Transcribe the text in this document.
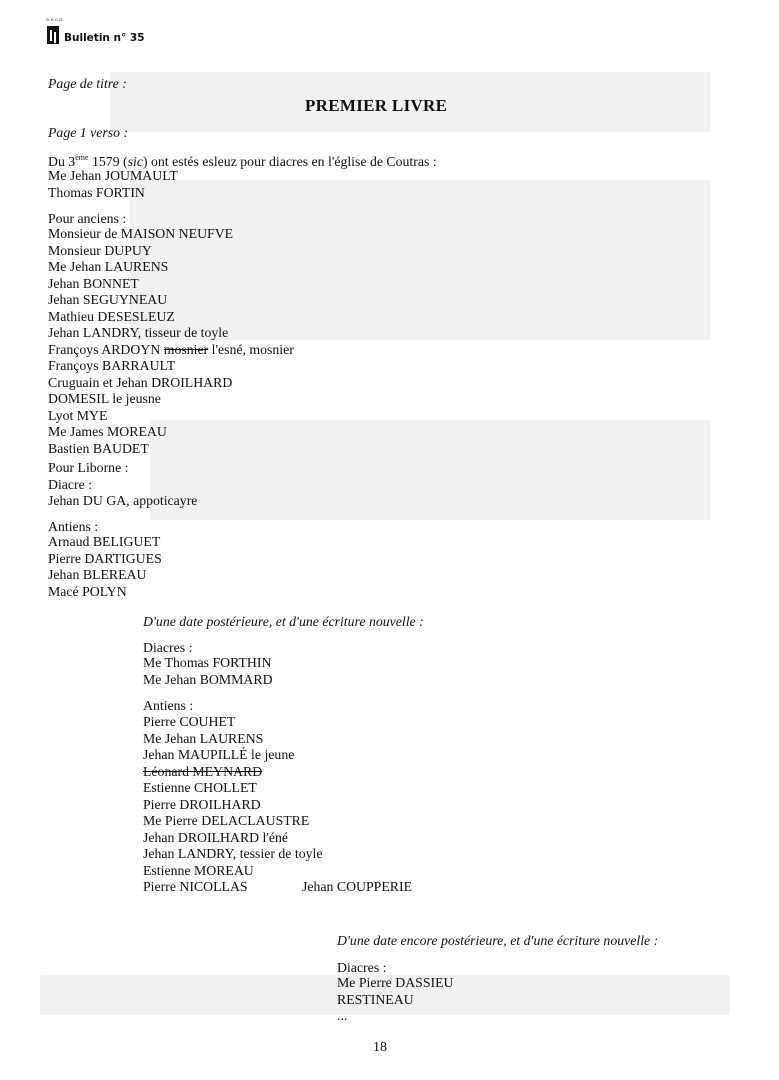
G.H.C.D.
Bulletin n° 35
Page de titre :
PREMIER LIVRE
Page 1 verso :
Du 3ème 1579 (sic) ont estés esleuz pour diacres en l'église de Coutras :
Me Jehan JOUMAULT
Thomas FORTIN
Pour anciens :
Monsieur de MAISON NEUFVE
Monsieur DUPUY
Me Jehan LAURENS
Jehan BONNET
Jehan SEGUYNEAU
Mathieu DESESLEUZ
Jehan LANDRY, tisseur de toyle
Françoys ARDOYN mosnier l'esné, mosnier
Françoys BARRAULT
Cruguain et Jehan DROILHARD
DOMESIL le jeusne
Lyot MYE
Me James MOREAU
Bastien BAUDET
Pour Liborne :
Diacre :
Jehan DU GA, appoticayre
Antiens :
Arnaud BELIGUET
Pierre DARTIGUES
Jehan BLEREAU
Macé POLYN
D'une date postérieure, et d'une écriture nouvelle :
Diacres :
Me Thomas FORTHIN
Me Jehan BOMMARD
Antiens :
Pierre COUHET
Me Jehan LAURENS
Jehan MAUPILLÉ le jeune
Léonard MEYNARD
Estienne CHOLLET
Pierre DROILHARD
Me Pierre DELACLAUSTRE
Jehan DROILHARD l'éné
Jehan LANDRY, tessier de toyle
Estienne MOREAU
Pierre NICOLLAS	Jehan COUPPERIE
D'une date encore postérieure, et d'une écriture nouvelle :
Diacres :
Me Pierre DASSIEU
RESTINEAU
...
18
